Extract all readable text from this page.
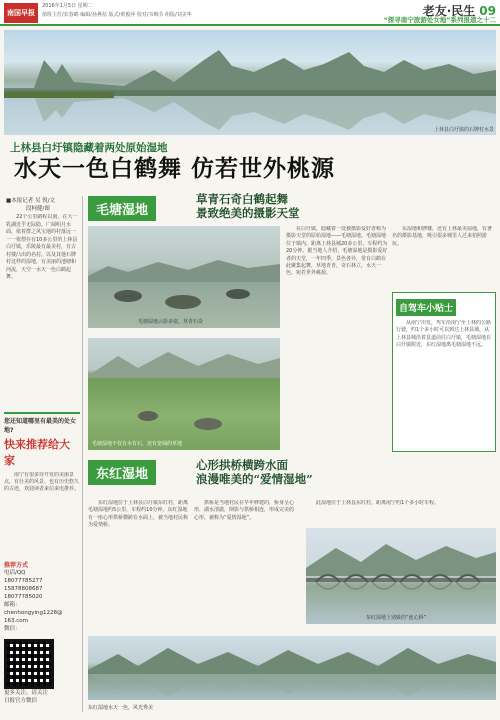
南国早报
2016年1月5日 星期二
值班主任/农春鹤 编辑/孙燕蓓 版式/黄俊萍 校对/韦梅芬 组版/刘美华	老友·民生 09
“探寻南宁旅游处女地”系列报道之十二
上林县白圩镇的石牌村水景
上林县白圩镇隐藏着两处原始湿地
水天一色白鹤舞 仿若世外桃源
■本报记者 吴 锐/文
段柯健/图
22个公里路程以南，在大一乳湖近乎无际隐，广阔明月水面，依着群之风宝地的村落远一一一依偎存有10多公里的上林县白圩镇，乐陵最有最美村，有古村楼凸出的名村，以及其他石牌村这样的湿地，有美丽的池塘和河流，天空一水天一色白鹤起舞。
您还知道哪里有最美的处女地?
快来推荐给大家
南宁有很多待开发的美丽景点，有壮美的风景，也有历史悠久的古迹，欢迎读者来信来电推荐。
推荐方式
电话/QQ
18077785277
15878808687
18077785020
邮箱：
chenhongying1228@
163.com
微信：
更多关注，请关注
日报官方微信
毛塘湿地
草青石奇白鹤起舞
景致绝美的摄影天堂
毛塘湿地云影多姿，草青石奇
毛塘湿地不仅有水有石，还有宽阔的草地
在白圩镇，隐藏着一处被摄影爱好者称为摄影天堂的原始湿地——毛塘湿地。毛塘湿地位于镇内，距离上林县城20多公里，车程约为20分钟。据当地人介绍，毛塘湿地是摄影爱好者的天堂，一年四季，景色各异，常有白鹤在此聚集起舞，草地青青，奇石林立，水天一色，宛若世外桃源。
东湿地和牌楼，还有上林最美湿地，有著名的摄影基地，吸引很多城里人过来拍照游玩。
自驾车小贴士
从南宁出发，驾车沿南宁至上林的公路行驶，约1个多小时可以到达上林县城，从上林县城沿着县道前往白圩镇，毛塘湿地在白圩镇附近，东红湿地离毛塘湿地不远。
东红湿地
心形拱桥横跨水面
浪漫唯美的“爱情湿地”
东红湿地位于上林县白圩镇东红村，距离毛塘湿地约5公里，车程约10分钟。东红湿地有一座心形拱桥横跨在水面上，被当地村民称为爱情桥。
拱桥是当地村民在早年修建的，桥身呈心形，湖水清澈，倒影与拱桥相连，形成完美的心形，被称为“爱情湿地”。
此湿地位于上林县东红村，距离南宁约1个多小时车程。
东红湿地上别致的“连心桥”
东红湿地水天一色，风光秀美
